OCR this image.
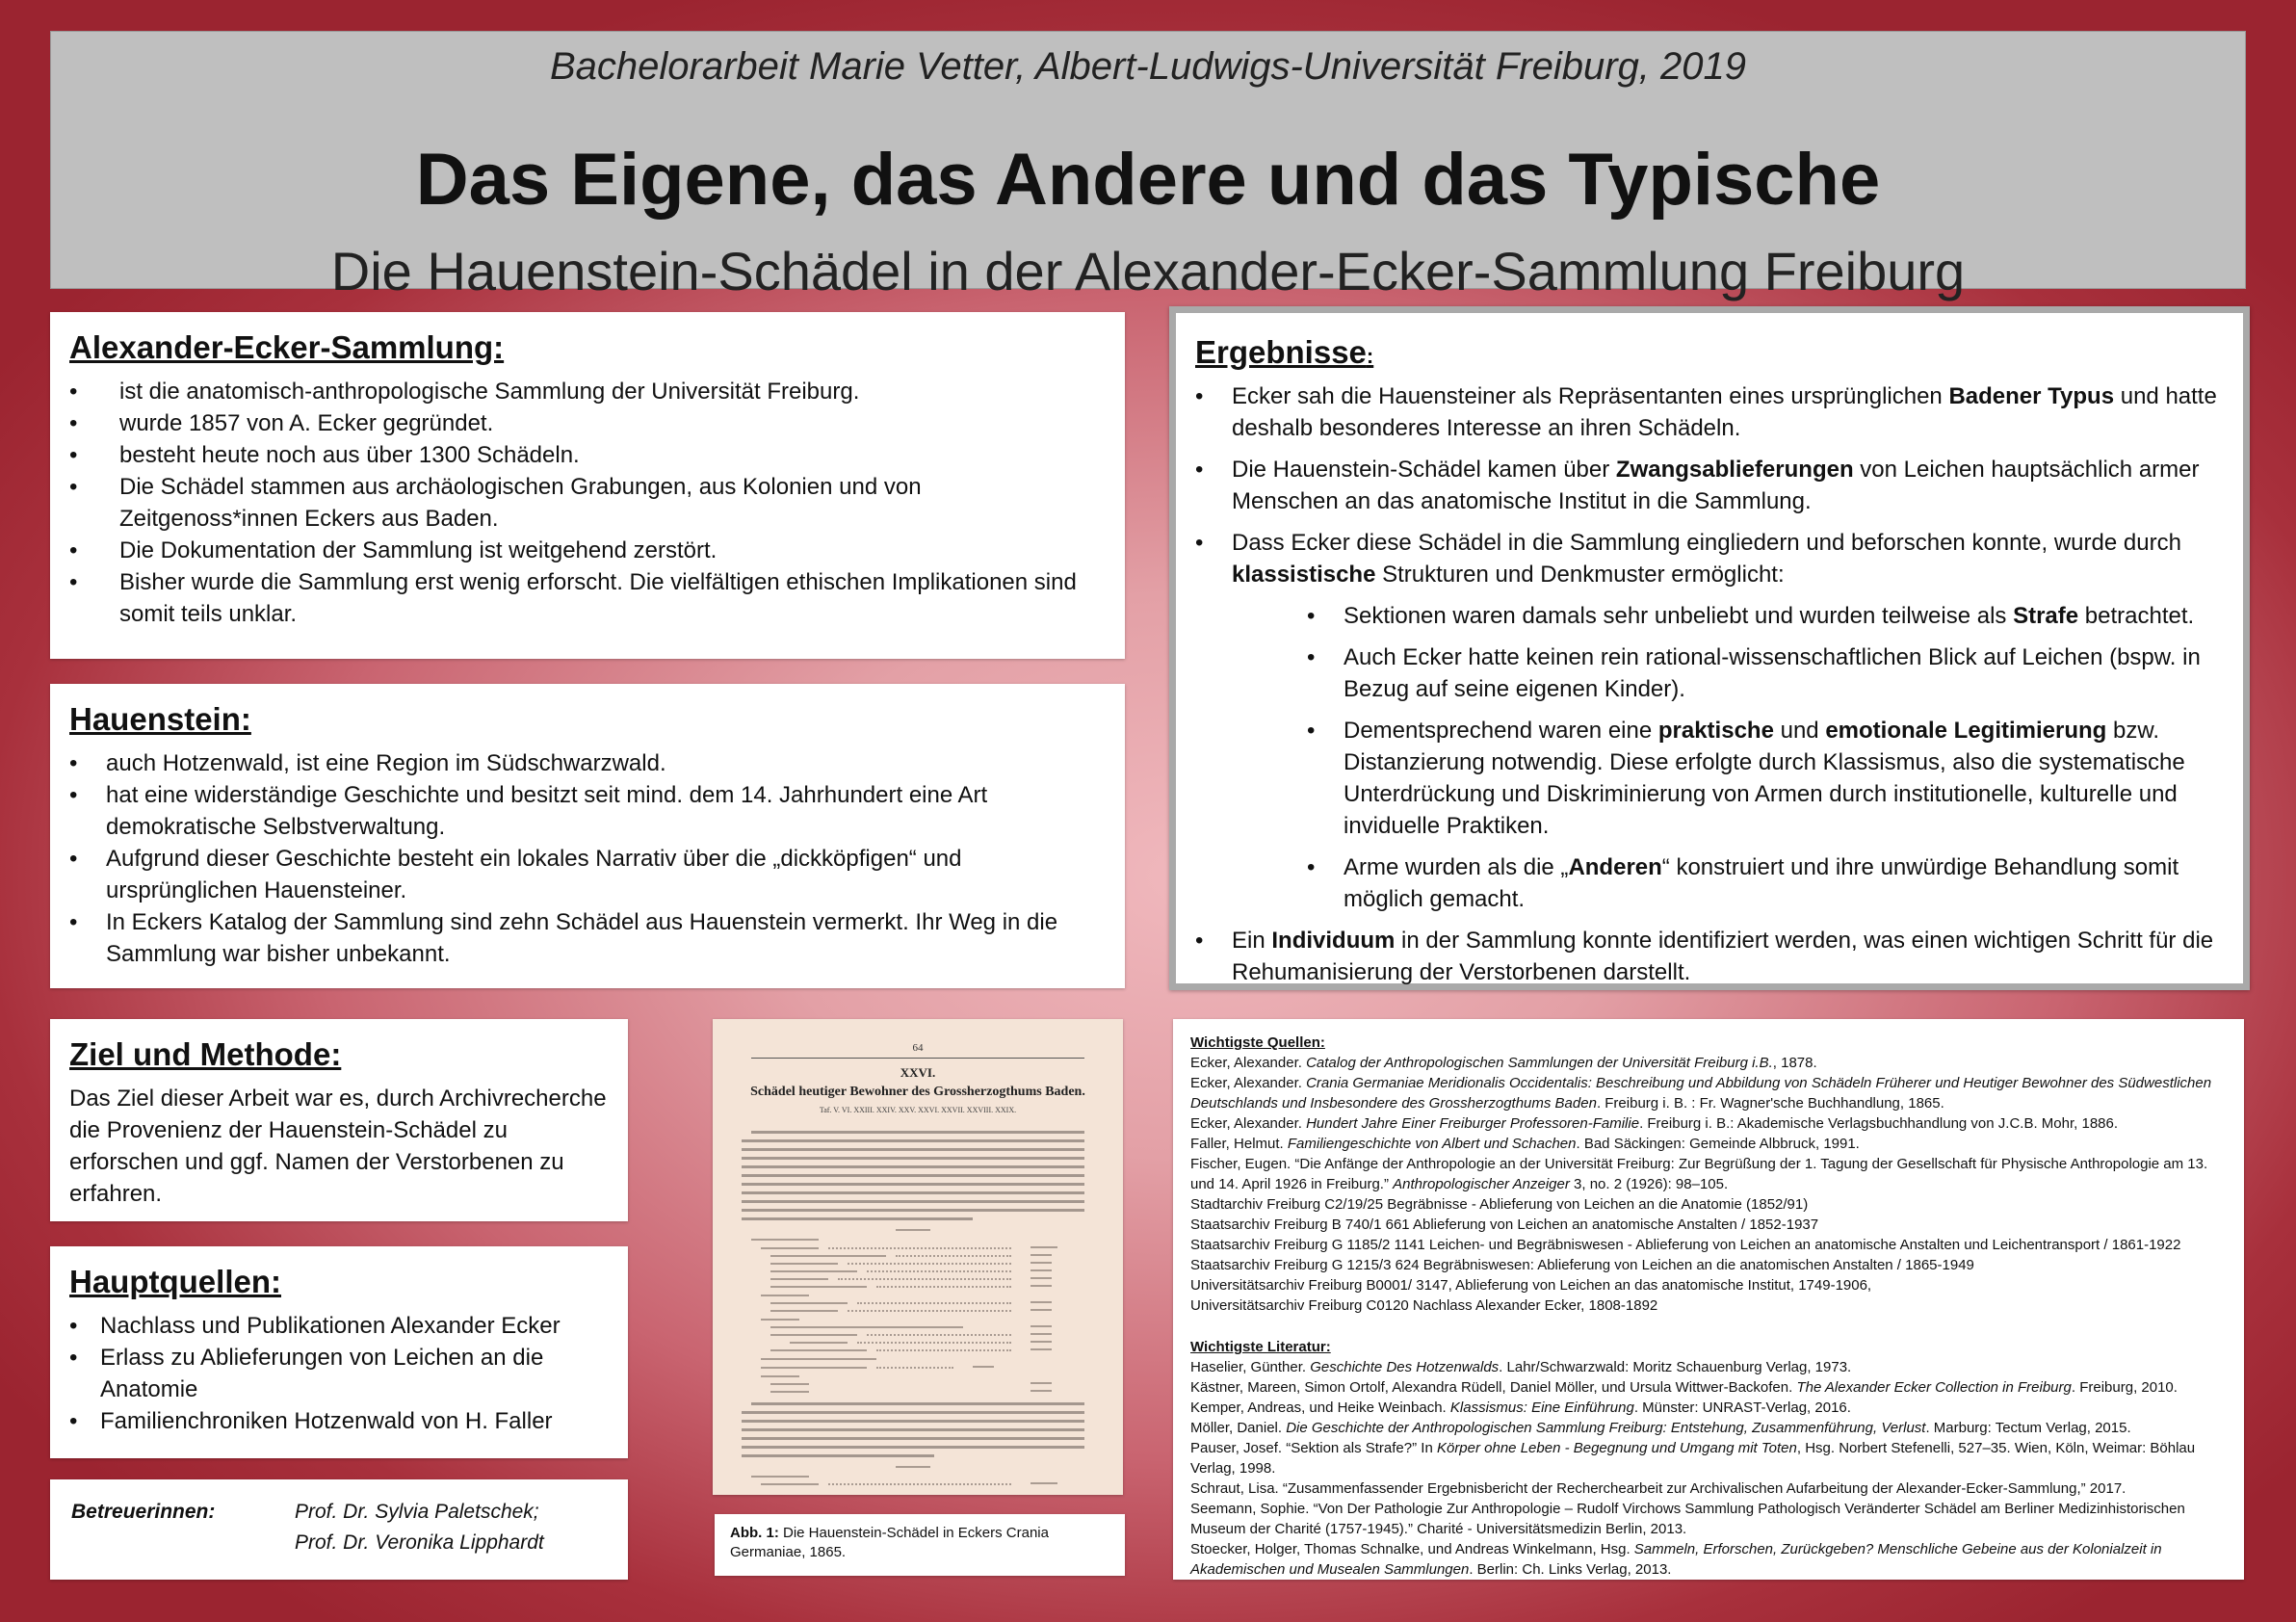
Bachelorarbeit Marie Vetter, Albert-Ludwigs-Universität Freiburg, 2019
Das Eigene, das Andere und das Typische
Die Hauenstein-Schädel in der Alexander-Ecker-Sammlung Freiburg
Alexander-Ecker-Sammlung:
• ist die anatomisch-anthropologische Sammlung der Universität Freiburg.
• wurde 1857 von A. Ecker gegründet.
• besteht heute noch aus über 1300 Schädeln.
• Die Schädel stammen aus archäologischen Grabungen, aus Kolonien und von Zeitgenoss*innen Eckers aus Baden.
• Die Dokumentation der Sammlung ist weitgehend zerstört.
• Bisher wurde die Sammlung erst wenig erforscht. Die vielfältigen ethischen Implikationen sind somit teils unklar.
Hauenstein:
• auch Hotzenwald, ist eine Region im Südschwarzwald.
• hat eine widerständige Geschichte und besitzt seit mind. dem 14. Jahrhundert eine Art demokratische Selbstverwaltung.
• Aufgrund dieser Geschichte besteht ein lokales Narrativ über die „dickköpfigen“ und ursprünglichen Hauensteiner.
• In Eckers Katalog der Sammlung sind zehn Schädel aus Hauenstein vermerkt. Ihr Weg in die Sammlung war bisher unbekannt.
Ziel und Methode:

Das Ziel dieser Arbeit war es, durch Archivrecherche die Provenienz der Hauenstein-Schädel zu erforschen und ggf. Namen der Verstorbenen zu erfahren.

Hauptquellen:
• Nachlass und Publikationen Alexander Ecker
• Erlass zu Ablieferungen von Leichen an die Anatomie
• Familienchroniken Hotzenwald von H. Faller
Betreuerinnen:	Prof. Dr. Sylvia Paletschek;
Prof. Dr. Veronika Lipphardt
64
XXVI.
Schädel heutiger Bewohner des Grossherzogthums Baden.
Taf. V. VI. XXIII. XXIV. XXV. XXVI. XXVII. XXVIII. XXIX.
Abb. 1: Die Hauenstein-Schädel in Eckers Crania Germaniae, 1865.
Ergebnisse:
• Ecker sah die Hauensteiner als Repräsentanten eines ursprünglichen Badener Typus und hatte deshalb besonderes Interesse an ihren Schädeln.
• Die Hauenstein-Schädel kamen über Zwangsablieferungen von Leichen hauptsächlich armer Menschen an das anatomische Institut in die Sammlung.
• Dass Ecker diese Schädel in die Sammlung eingliedern und beforschen konnte, wurde durch klassistische Strukturen und Denkmuster ermöglicht:
• Sektionen waren damals sehr unbeliebt und wurden teilweise als Strafe betrachtet.
• Auch Ecker hatte keinen rein rational-wissenschaftlichen Blick auf Leichen (bspw. in Bezug auf seine eigenen Kinder).
• Dementsprechend waren eine praktische und emotionale Legitimierung bzw. Distanzierung notwendig. Diese erfolgte durch Klassismus, also die systematische Unterdrückung und Diskriminierung von Armen durch institutionelle, kulturelle und inviduelle Praktiken.
• Arme wurden als die „Anderen“ konstruiert und ihre unwürdige Behandlung somit möglich gemacht.
• Ein Individuum in der Sammlung konnte identifiziert werden, was einen wichtigen Schritt für die Rehumanisierung der Verstorbenen darstellt.
Wichtigste Quellen:
Ecker, Alexander. Catalog der Anthropologischen Sammlungen der Universität Freiburg i.B., 1878.
Ecker, Alexander. Crania Germaniae Meridionalis Occidentalis: Beschreibung und Abbildung von Schädeln Früherer und Heutiger Bewohner des Südwestlichen Deutschlands und Insbesondere des Grossherzogthums Baden. Freiburg i. B. : Fr. Wagner'sche Buchhandlung, 1865.
Ecker, Alexander. Hundert Jahre Einer Freiburger Professoren-Familie. Freiburg i. B.: Akademische Verlagsbuchhandlung von J.C.B. Mohr, 1886.
Faller, Helmut. Familiengeschichte von Albert und Schachen. Bad Säckingen: Gemeinde Albbruck, 1991.
Fischer, Eugen. “Die Anfänge der Anthropologie an der Universität Freiburg: Zur Begrüßung der 1. Tagung der Gesellschaft für Physische Anthropologie am 13. und 14. April 1926 in Freiburg.” Anthropologischer Anzeiger 3, no. 2 (1926): 98–105.
Stadtarchiv Freiburg C2/19/25 Begräbnisse - Ablieferung von Leichen an die Anatomie (1852/91)
Staatsarchiv Freiburg B 740/1 661 Ablieferung von Leichen an anatomische Anstalten / 1852-1937
Staatsarchiv Freiburg G 1185/2 1141 Leichen- und Begräbniswesen - Ablieferung von Leichen an anatomische Anstalten und Leichentransport / 1861-1922
Staatsarchiv Freiburg G 1215/3 624 Begräbniswesen: Ablieferung von Leichen an die anatomischen Anstalten / 1865-1949
Universitätsarchiv Freiburg B0001/ 3147, Ablieferung von Leichen an das anatomische Institut, 1749-1906,
Universitätsarchiv Freiburg C0120 Nachlass Alexander Ecker, 1808-1892
Wichtigste Literatur:
Haselier, Günther. Geschichte Des Hotzenwalds. Lahr/Schwarzwald: Moritz Schauenburg Verlag, 1973.
Kästner, Mareen, Simon Ortolf, Alexandra Rüdell, Daniel Möller, und Ursula Wittwer-Backofen. The Alexander Ecker Collection in Freiburg. Freiburg, 2010.
Kemper, Andreas, und Heike Weinbach. Klassismus: Eine Einführung. Münster: UNRAST-Verlag, 2016.
Möller, Daniel. Die Geschichte der Anthropologischen Sammlung Freiburg: Entstehung, Zusammenführung, Verlust. Marburg: Tectum Verlag, 2015.
Pauser, Josef. “Sektion als Strafe?” In Körper ohne Leben - Begegnung und Umgang mit Toten, Hsg. Norbert Stefenelli, 527–35. Wien, Köln, Weimar: Böhlau Verlag, 1998.
Schraut, Lisa. “Zusammenfassender Ergebnisbericht der Recherchearbeit zur Archivalischen Aufarbeitung der Alexander-Ecker-Sammlung,” 2017.
Seemann, Sophie. “Von Der Pathologie Zur Anthropologie – Rudolf Virchows Sammlung Pathologisch Veränderter Schädel am Berliner Medizinhistorischen Museum der Charité (1757-1945).” Charité - Universitätsmedizin Berlin, 2013.
Stoecker, Holger, Thomas Schnalke, und Andreas Winkelmann, Hsg. Sammeln, Erforschen, Zurückgeben? Menschliche Gebeine aus der Kolonialzeit in Akademischen und Musealen Sammlungen. Berlin: Ch. Links Verlag, 2013.
